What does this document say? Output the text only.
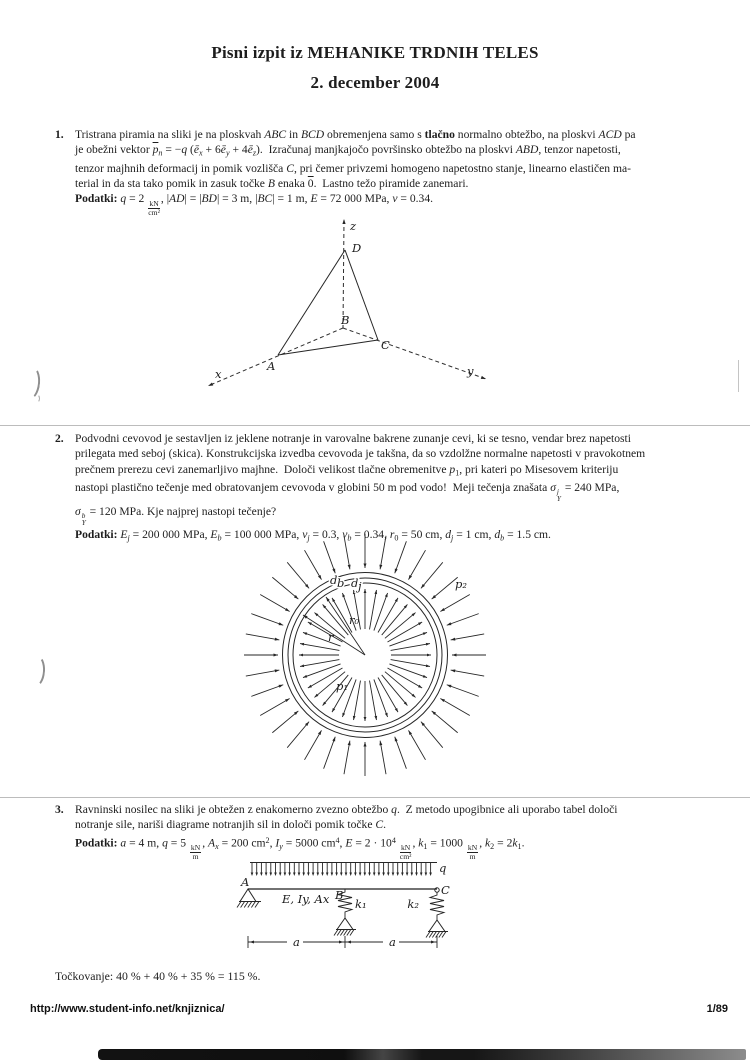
Pisni izpit iz MEHANIKE TRDNIH TELES
2. december 2004
1. Tristrana piramia na sliki je na ploskvah ABC in BCD obremenjena samo s tlačno normalno obtežbo, na ploskvi ACD pa
je obežni vektor $\overline{p}n = -q$ (ēx + 6ēy + 4ēz).  Izračunaj manjkajočo površinsko obtežbo na ploskvi ABD, tenzor napetosti,
tenzor majhnih deformacij in pomik vozlišča C, pri čemer privzemi homogeno napetostno stanje, linearno elastičen ma-
terial in da sta tako pomik in zasuk točke B enaka 0.  Lastno težo piramide zanemari.
Podatki: q = 2
$\frac{kN}{\text{cm²}}$
, |AD| = |BD| = 3 m, |BC| = 1 m, E = 72 000 MPa, ν = 0.34.
z
x	y
D
B
A
C
2. Podvodni cevovod je sestavljen iz jeklene notranje in varovalne bakrene zunanje cevi, ki se tesno, vendar brez napetosti
prilegata med seboj (skica). Konstrukcijska izvedba cevovoda je takšna, da so vzdolžne normalne napetosti v pravokotnem
prečnem prerezu cevi zanemarljivo majhne.  Določi velikost tlačne obremenitve p1, pri kateri po Misesovem kriteriju
nastopi plastično tečenje med obratovanjem cevovoda v globini 50 m pod vodo!  Meji tečenja znašata σ j
Y
= 240 MPa,
σ b
Y
= 120 MPa. Kje najprej nastopi tečenje?
Podatki: Ej = 200 000 MPa, Eb = 100 000 MPa, νj = 0.3, νb = 0.34, r0 = 50 cm, dj = 1 cm, db = 1.5 cm.
r₀
r
p₁
p₂
d b d j
3. Ravninski nosilec na sliki je obtežen z enakomerno zvezno obtežbo q.  Z metodo upogibnice ali uporabo tabel določi
notranje sile, nariši diagrame notranjih sil in določi pomik točke C.
Podatki: a = 4 m, q = 5
$\frac{kN}{m}$
, Ax = 200 $cm^2$, Iy = 5000 $cm^4$, $E = 2 \cdot 10^4$
$\frac{kN}{\text{cm²}}$
, k1 = 1000
$\frac{kN}{m}$
, k2 = 2k1.
q
A
E, Iy, Ax B
k₁
C
k₂
a	a
Točkovanje: 40 % + 40 % + 35 % = 115 %.
http://www.student-info.net/knjiznica/	1/89
